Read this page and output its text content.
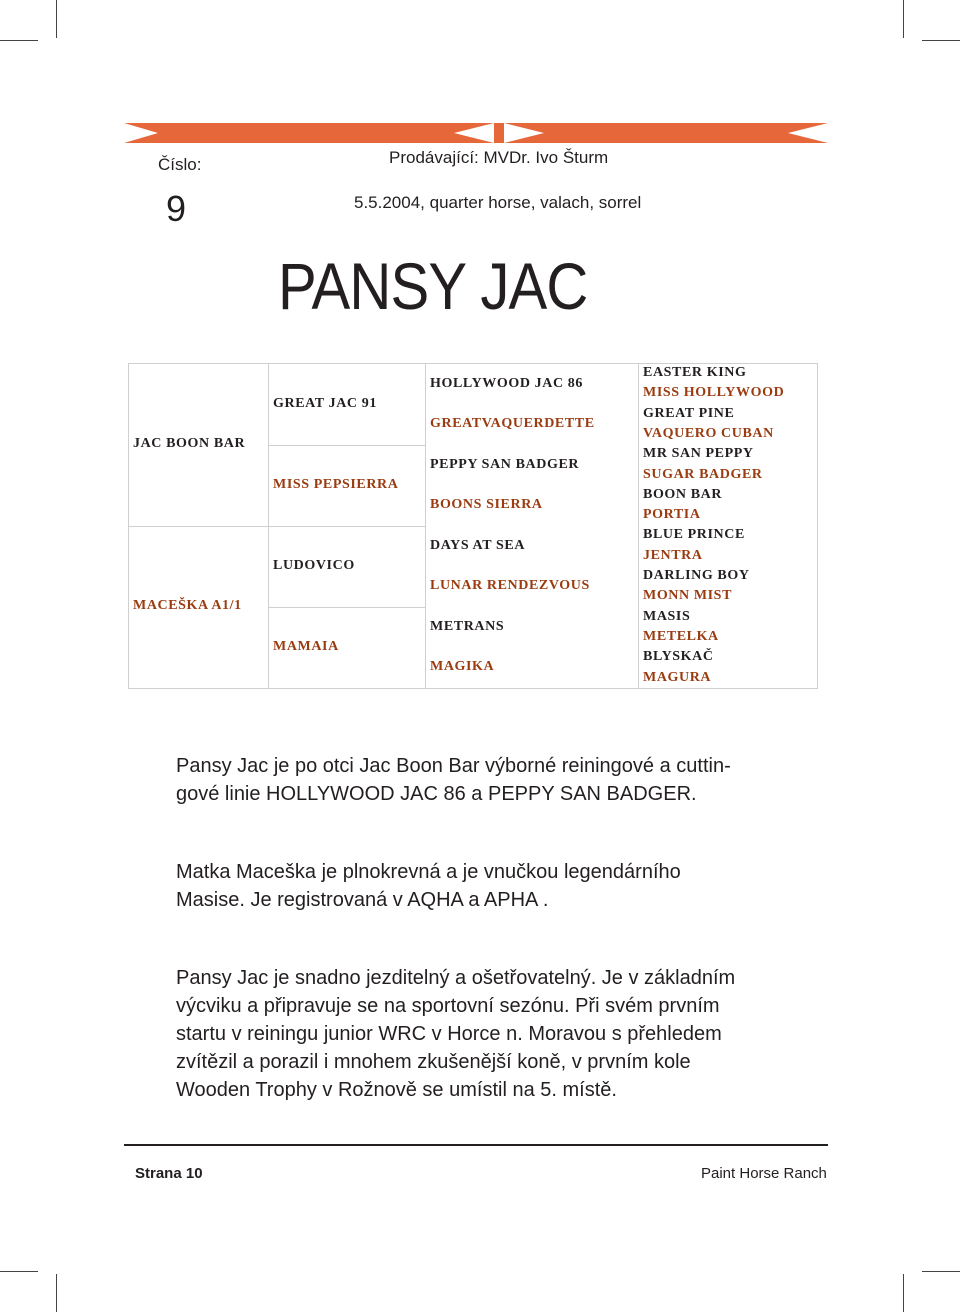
Číslo:
9
Prodávající: MVDr. Ivo Šturm
5.5.2004, quarter horse, valach, sorrel
PANSY JAC
JAC BOON BAR
MACEŠKA A1/1
GREAT JAC 91
MISS PEPSIERRA
LUDOVICO
MAMAIA
HOLLYWOOD JAC 86
GREATVAQUERDETTE
PEPPY SAN BADGER
BOONS SIERRA
DAYS AT SEA
LUNAR RENDEZVOUS
METRANS
MAGIKA
EASTER KING
MISS HOLLYWOOD
GREAT PINE
VAQUERO CUBAN
MR SAN PEPPY
SUGAR BADGER
BOON BAR
PORTIA
BLUE PRINCE
JENTRA
DARLING BOY
MONN MIST
MASIS
METELKA
BLYSKAČ
MAGURA
Pansy Jac je po otci Jac Boon Bar výborné reiningové a cuttin-
gové linie HOLLYWOOD JAC 86 a PEPPY SAN BADGER.
Matka Maceška je plnokrevná a je vnučkou legendárního
Masise. Je registrovaná v AQHA a APHA .
Pansy Jac je snadno jezditelný a ošetřovatelný. Je v základním
výcviku a připravuje se na sportovní sezónu. Při svém prvním
startu v reiningu junior WRC v Horce n. Moravou s přehledem
zvítězil a porazil i mnohem zkušenější koně, v prvním kole
Wooden Trophy v Rožnově se umístil na 5. místě.
Strana 10	Paint Horse Ranch
